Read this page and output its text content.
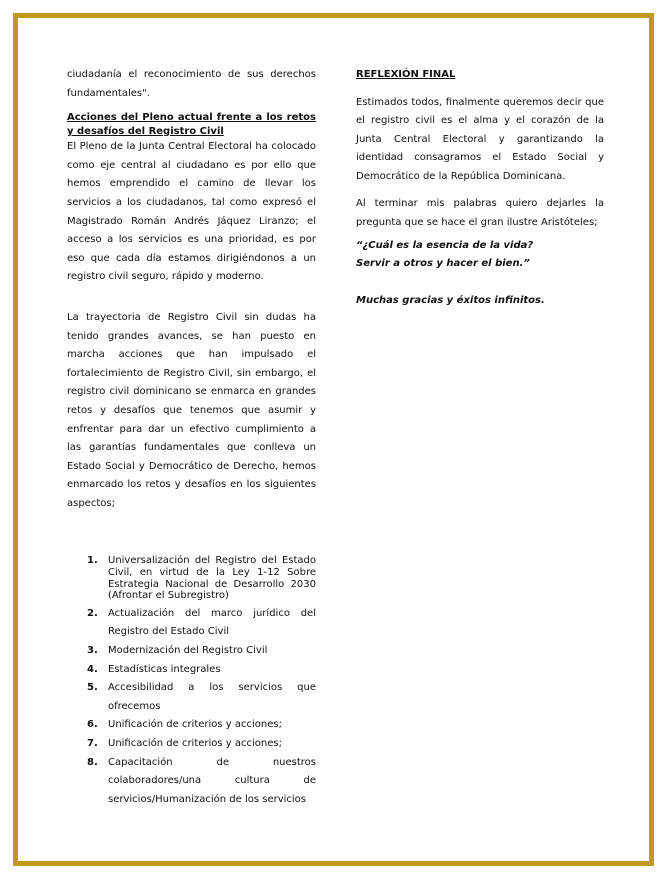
ciudadanía el reconocimiento de sus derechos fundamentales".

Acciones del Pleno actual frente a los retos y desafíos del Registro Civil

El Pleno de la Junta Central Electoral ha colocado como eje central al ciudadano es por ello que hemos emprendido el camino de llevar los servicios a los ciudadanos, tal como expresó el Magistrado Román Andrés Jáquez Liranzo; el acceso a los servicios es una prioridad, es por eso que cada día estamos dirigiéndonos a un registro civil seguro, rápido y moderno.

La trayectoria de Registro Civil sin dudas ha tenido grandes avances, se han puesto en marcha acciones que han impulsado el fortalecimiento de Registro Civil, sin embargo, el registro civil dominicano se enmarca en grandes retos y desafíos que tenemos que asumir y enfrentar para dar un efectivo cumplimiento a las garantías fundamentales que conlleva un Estado Social y Democrático de Derecho, hemos enmarcado los retos y desafíos en los siguientes aspectos;

1. Universalización del Registro del Estado Civil, en virtud de la Ley 1-12 Sobre Estrategia Nacional de Desarrollo 2030 (Afrontar el Subregistro)
2. Actualización del marco jurídico del Registro del Estado Civil
3. Modernización del Registro Civil
4. Estadísticas integrales
5. Accesibilidad a los servicios que ofrecemos
6. Unificación de criterios y acciones;
7. Unificación de criterios y acciones;
8. Capacitación de nuestros colaboradores/una cultura de servicios/Humanización de los servicios

REFLEXIÓN FINAL

Estimados todos, finalmente queremos decir que el registro civil es el alma y el corazón de la Junta Central Electoral y garantizando la identidad consagramos el Estado Social y Democrático de la República Dominicana.

Al terminar mis palabras quiero dejarles la pregunta que se hace el gran ilustre Aristóteles;

“¿Cuál es la esencia de la vida?

Servir a otros y hacer el bien.”

Muchas gracias y éxitos infinitos.
